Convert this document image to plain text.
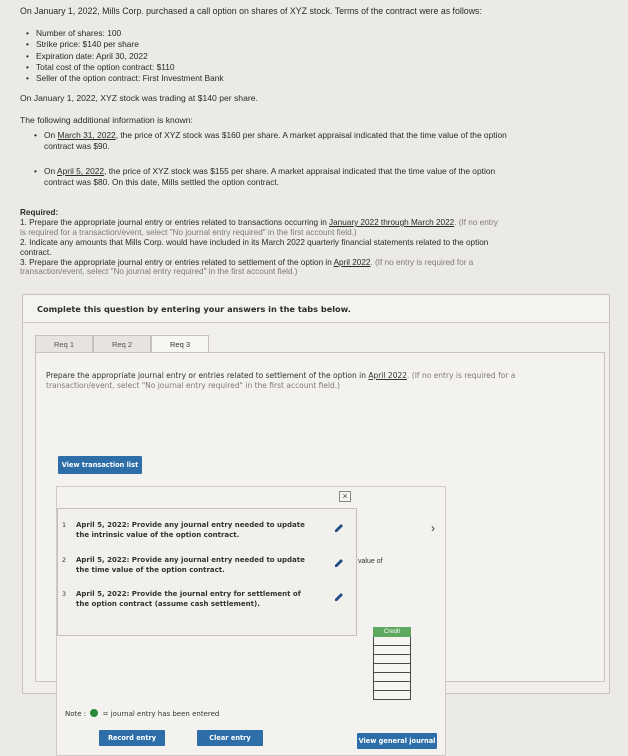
On January 1, 2022, Mills Corp. purchased a call option on shares of XYZ stock. Terms of the contract were as follows:
• Number of shares: 100
• Strike price: $140 per share
• Expiration date: April 30, 2022
• Total cost of the option contract: $110
• Seller of the option contract: First Investment Bank
On January 1, 2022, XYZ stock was trading at $140 per share.
The following additional information is known:
• On March 31, 2022, the price of XYZ stock was $160 per share. A market appraisal indicated that the time value of the option
contract was $90.
• On April 5, 2022, the price of XYZ stock was $155 per share. A market appraisal indicated that the time value of the option
contract was $80. On this date, Mills settled the option contract.
Required:
1. Prepare the appropriate journal entry or entries related to transactions occurring in January 2022 through March 2022. (If no entry
is required for a transaction/event, select "No journal entry required" in the first account field.)
2. Indicate any amounts that Mills Corp. would have included in its March 2022 quarterly financial statements related to the option
contract.
3. Prepare the appropriate journal entry or entries related to settlement of the option in April 2022. (If no entry is required for a
transaction/event, select "No journal entry required" in the first account field.)
Complete this question by entering your answers in the tabs below.
Req 1	Req 2	Req 3
Prepare the appropriate journal entry or entries related to settlement of the option in April 2022. (If no entry is required for a
transaction/event, select "No journal entry required" in the first account field.)
View transaction list
×
1 April 5, 2022: Provide any journal entry needed to update the intrinsic value of the option contract.
2 April 5, 2022: Provide any journal entry needed to update the time value of the option contract.
3 April 5, 2022: Provide the journal entry for settlement of the option contract (assume cash settlement).
›
value of
Credit
Note : = journal entry has been entered
Record entry	Clear entry	View general journal
